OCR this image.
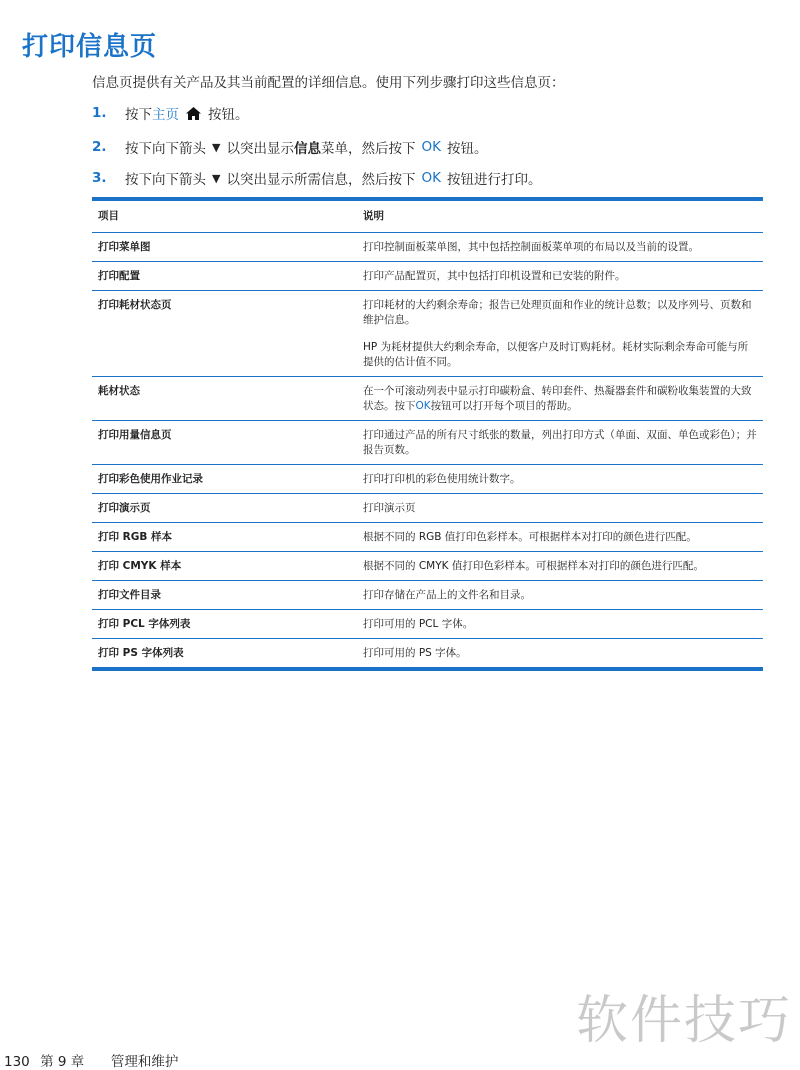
打印信息页
信息页提供有关产品及其当前配置的详细信息。使用下列步骤打印这些信息页：
1.	按下 主页 按钮。
2.	按下向下箭头 ▼ 以突出显示 信息 菜单，然后按下 OK 按钮。
3.	按下向下箭头 ▼ 以突出显示所需信息，然后按下 OK 按钮进行打印。
项目	说明
打印菜单图	打印控制面板菜单图，其中包括控制面板菜单项的布局以及当前的设置。

打印配置	打印产品配置页，其中包括打印机设置和已安装的附件。

打印耗材状态页	打印耗材的大约剩余寿命；报告已处理页面和作业的统计总数；以及序列号、页数和维护信息。

HP 为耗材提供大约剩余寿命，以便客户及时订购耗材。耗材实际剩余寿命可能与所提供的估计值不同。

耗材状态	在一个可滚动列表中显示打印碳粉盒、转印套件、热凝器套件和碳粉收集装置的大致状态。按下OK按钮可以打开每个项目的帮助。

打印用量信息页	打印通过产品的所有尺寸纸张的数量，列出打印方式（单面、双面、单色或彩色）；并报告页数。

打印彩色使用作业记录	打印打印机的彩色使用统计数字。

打印演示页	打印演示页

打印 RGB 样本	根据不同的 RGB 值打印色彩样本。可根据样本对打印的颜色进行匹配。

打印 CMYK 样本	根据不同的 CMYK 值打印色彩样本。可根据样本对打印的颜色进行匹配。

打印文件目录	打印存储在产品上的文件名和目录。

打印 PCL 字体列表	打印可用的 PCL 字体。

打印 PS 字体列表	打印可用的 PS 字体。

软件技巧
130 第 9 章 管理和维护
